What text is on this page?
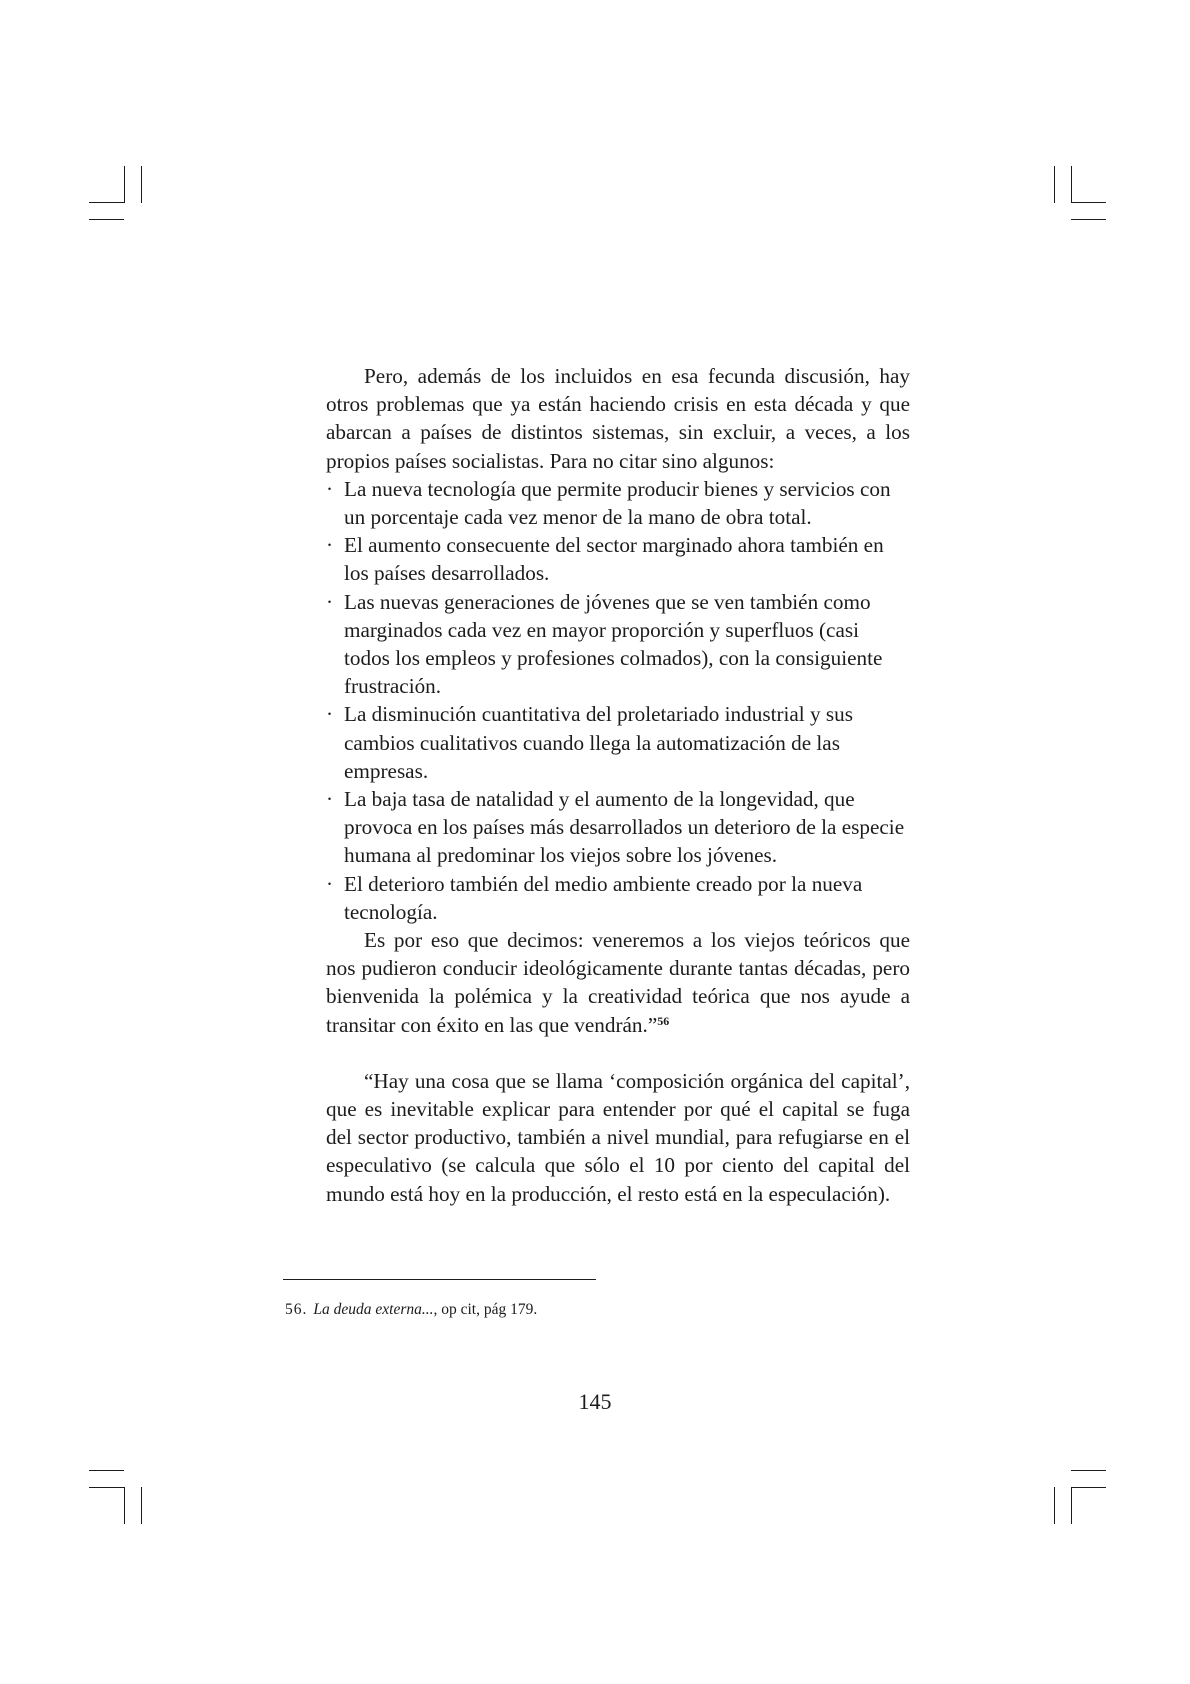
Pero, además de los incluidos en esa fecunda discusión, hay otros problemas que ya están haciendo crisis en esta década y que abarcan a países de distintos sistemas, sin excluir, a veces, a los propios países socialistas. Para no citar sino algunos:

· La nueva tecnología que permite producir bienes y servicios con un porcentaje cada vez menor de la mano de obra total.
· El aumento consecuente del sector marginado ahora también en los países desarrollados.
· Las nuevas generaciones de jóvenes que se ven también como marginados cada vez en mayor proporción y superfluos (casi todos los empleos y profesiones colmados), con la consiguiente frustración.
· La disminución cuantitativa del proletariado industrial y sus cambios cualitativos cuando llega la automatización de las empresas.
· La baja tasa de natalidad y el aumento de la longevidad, que provoca en los países más desarrollados un deterioro de la especie humana al predominar los viejos sobre los jóvenes.
· El deterioro también del medio ambiente creado por la nueva tecnología.

Es por eso que decimos: veneremos a los viejos teóricos que nos pudieron conducir ideológicamente durante tantas décadas, pero bienvenida la polémica y la creatividad teórica que nos ayude a transitar con éxito en las que vendrán.”$^{56}$

“Hay una cosa que se llama ‘composición orgánica del capital’, que es inevitable explicar para entender por qué el capital se fuga del sector productivo, también a nivel mundial, para refugiarse en el especulativo (se calcula que sólo el 10 por ciento del capital del mundo está hoy en la producción, el resto está en la especulación).

56. La deuda externa..., op cit, pág 179.
145
